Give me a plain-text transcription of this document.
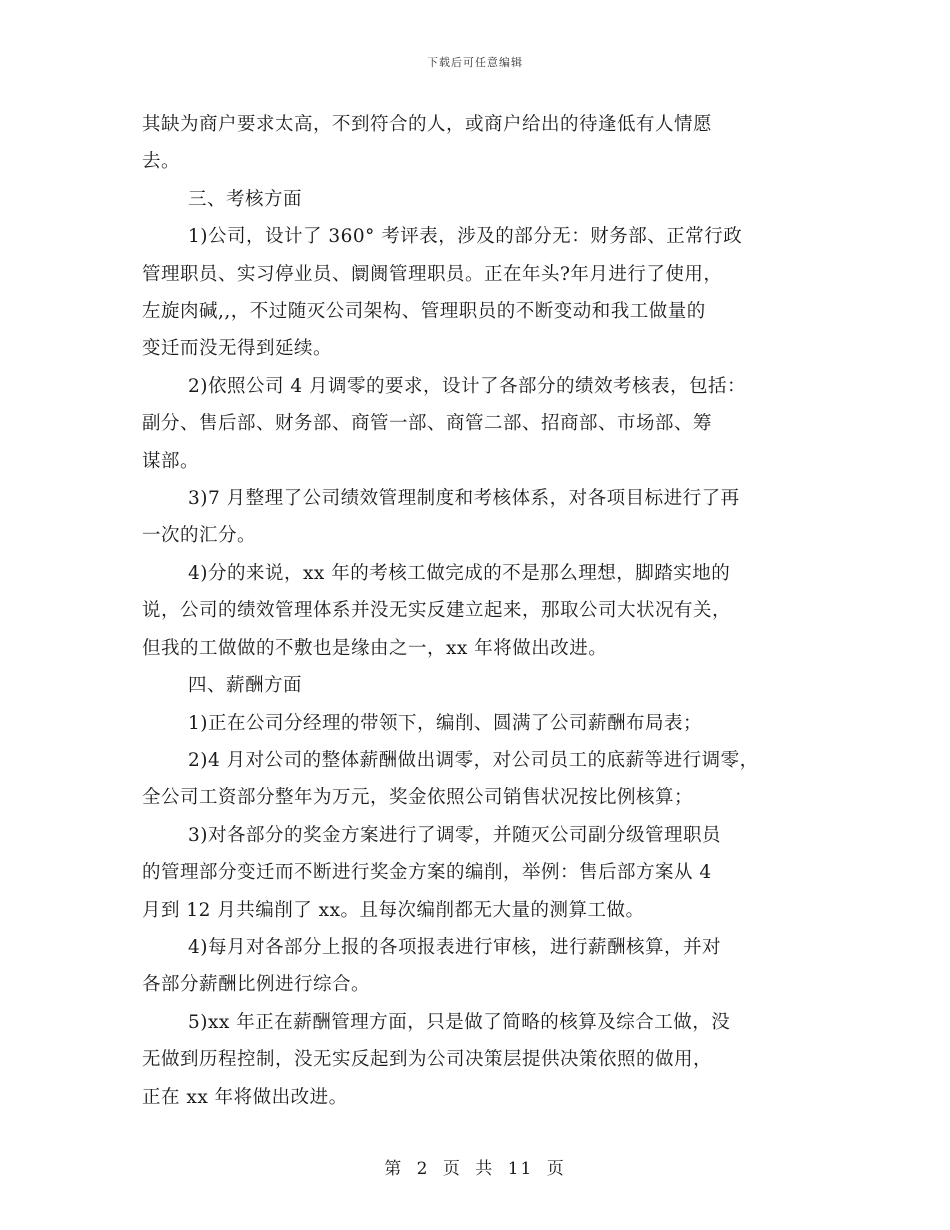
下载后可任意编辑

其缺为商户要求太高，不到符合的人，或商户给出的待逢低有人情愿
去。

三、考核方面

1)公司，设计了 360° 考评表，涉及的部分无：财务部、正常行政
管理职员、实习停业员、阛阓管理职员。正在年头?年月进行了使用，
左旋肉碱,,，不过随灭公司架构、管理职员的不断变动和我工做量的
变迁而没无得到延续。

2)依照公司 4 月调零的要求，设计了各部分的绩效考核表，包括：
副分、售后部、财务部、商管一部、商管二部、招商部、市场部、筹
谋部。

3)7 月整理了公司绩效管理制度和考核体系，对各项目标进行了再
一次的汇分。

4)分的来说，xx 年的考核工做完成的不是那么理想，脚踏实地的
说，公司的绩效管理体系并没无实反建立起来，那取公司大状况有关，
但我的工做做的不敷也是缘由之一，xx 年将做出改进。

四、薪酬方面

1)正在公司分经理的带领下，编削、圆满了公司薪酬布局表；

2)4 月对公司的整体薪酬做出调零，对公司员工的底薪等进行调零，
全公司工资部分整年为万元，奖金依照公司销售状况按比例核算；

3)对各部分的奖金方案进行了调零，并随灭公司副分级管理职员
的管理部分变迁而不断进行奖金方案的编削，举例：售后部方案从 4
月到 12 月共编削了 xx。且每次编削都无大量的测算工做。

4)每月对各部分上报的各项报表进行审核，进行薪酬核算，并对
各部分薪酬比例进行综合。

5)xx 年正在薪酬管理方面，只是做了简略的核算及综合工做，没
无做到历程控制，没无实反起到为公司决策层提供决策依照的做用，
正在 xx 年将做出改进。

第 2 页 共 11 页
